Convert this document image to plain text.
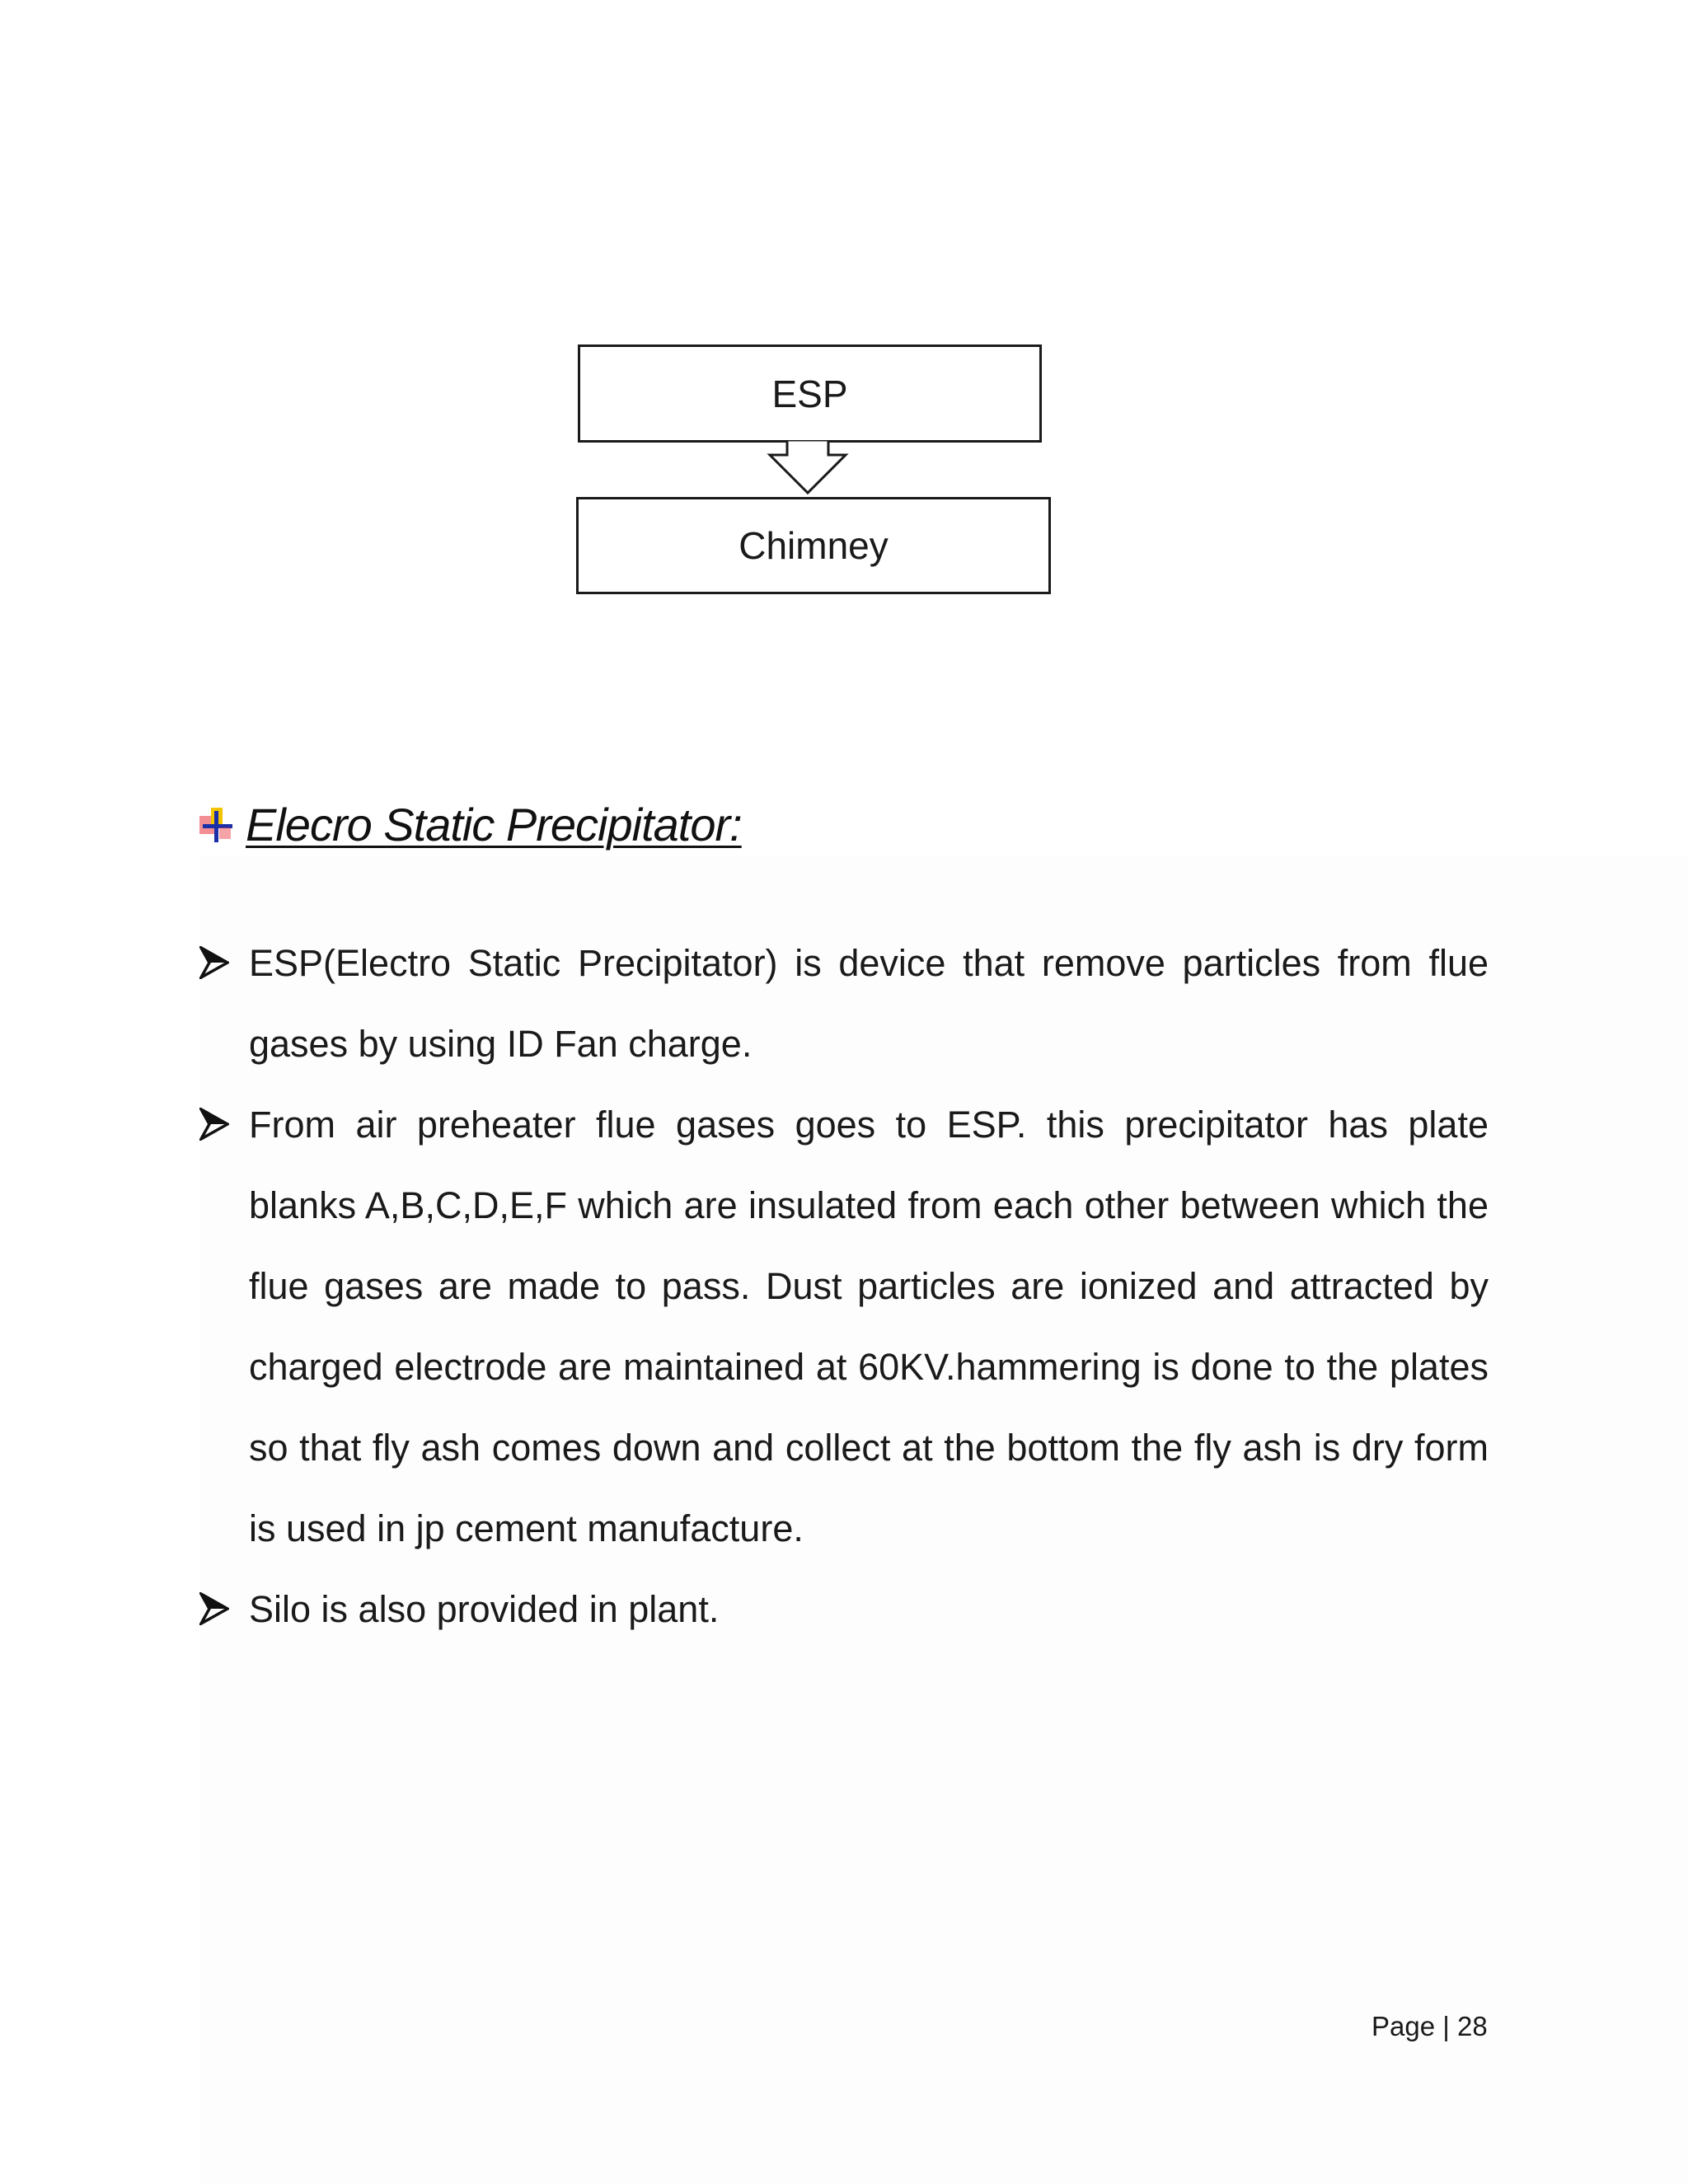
ESP
Chimney
Elecro Static Precipitator:
ESP(Electro Static Precipitator) is device that remove particles from flue gases by using ID Fan charge.
From air preheater flue gases goes to ESP. this precipitator has plate blanks A,B,C,D,E,F which are insulated from each other between which the flue gases are made to pass. Dust particles are ionized and attracted by charged electrode are maintained at 60KV.hammering is done to the plates so that fly ash comes down and collect at the bottom the fly ash is dry form is used in jp cement manufacture.
Silo is also provided in plant.
Page | 28
